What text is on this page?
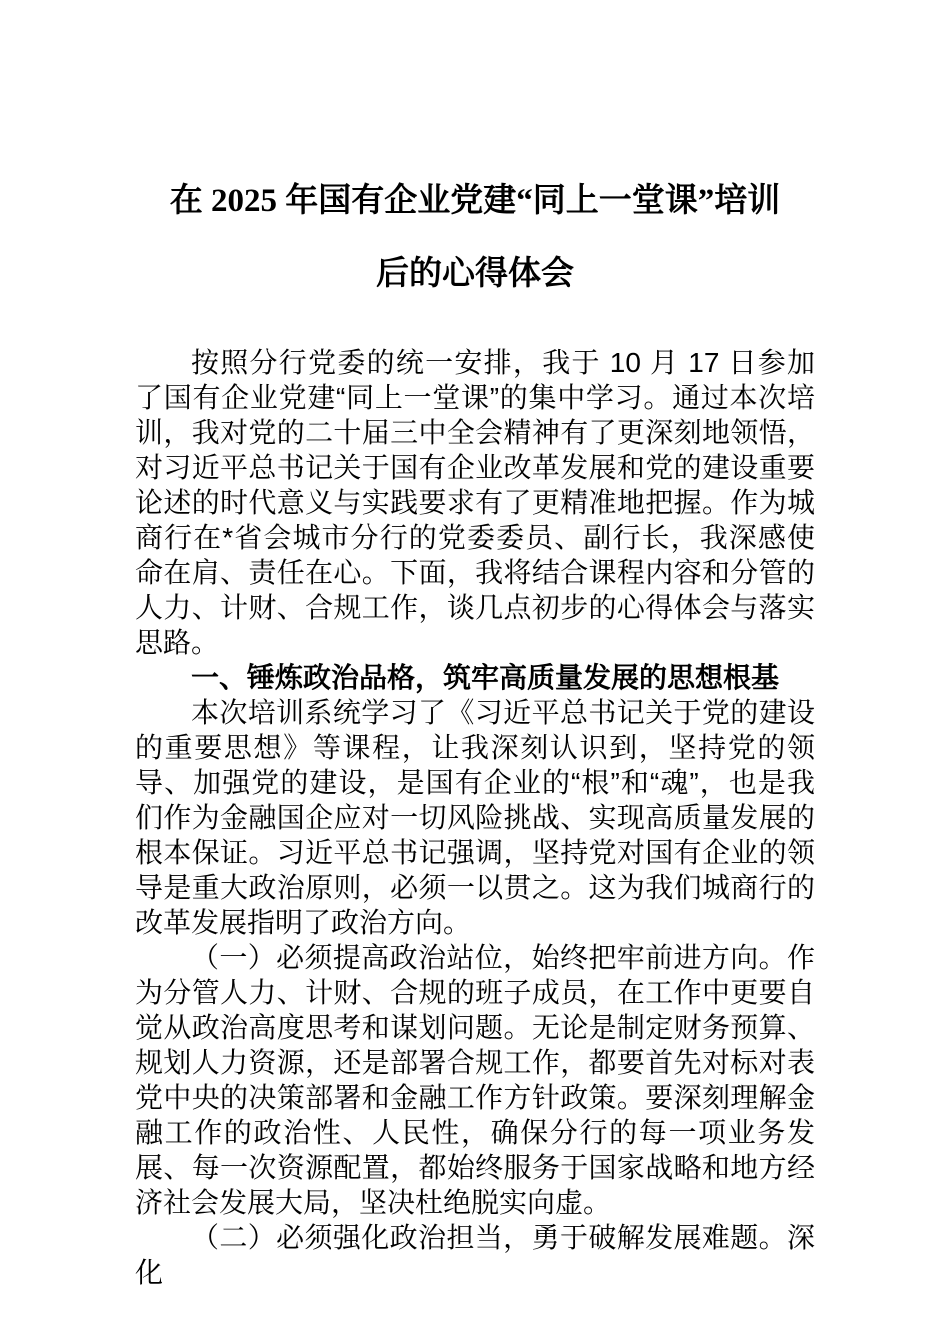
在 2025 年国有企业党建“同上一堂课”培训
后的心得体会

按照分行党委的统一安排，我于 10 月 17 日参加了国有企业党建“同上一堂课”的集中学习。通过本次培训，我对党的二十届三中全会精神有了更深刻地领悟，对习近平总书记关于国有企业改革发展和党的建设重要论述的时代意义与实践要求有了更精准地把握。作为城商行在*省会城市分行的党委委员、副行长，我深感使命在肩、责任在心。下面，我将结合课程内容和分管的人力、计财、合规工作，谈几点初步的心得体会与落实思路。

一、锤炼政治品格，筑牢高质量发展的思想根基

本次培训系统学习了《习近平总书记关于党的建设的重要思想》等课程，让我深刻认识到，坚持党的领导、加强党的建设，是国有企业的“根”和“魂”，也是我们作为金融国企应对一切风险挑战、实现高质量发展的根本保证。习近平总书记强调，坚持党对国有企业的领导是重大政治原则，必须一以贯之。这为我们城商行的改革发展指明了政治方向。

（一）必须提高政治站位，始终把牢前进方向。作为分管人力、计财、合规的班子成员，在工作中更要自觉从政治高度思考和谋划问题。无论是制定财务预算、规划人力资源，还是部署合规工作，都要首先对标对表党中央的决策部署和金融工作方针政策。要深刻理解金融工作的政治性、人民性，确保分行的每一项业务发展、每一次资源配置，都始终服务于国家战略和地方经济社会发展大局，坚决杜绝脱实向虚。

（二）必须强化政治担当，勇于破解发展难题。深化
